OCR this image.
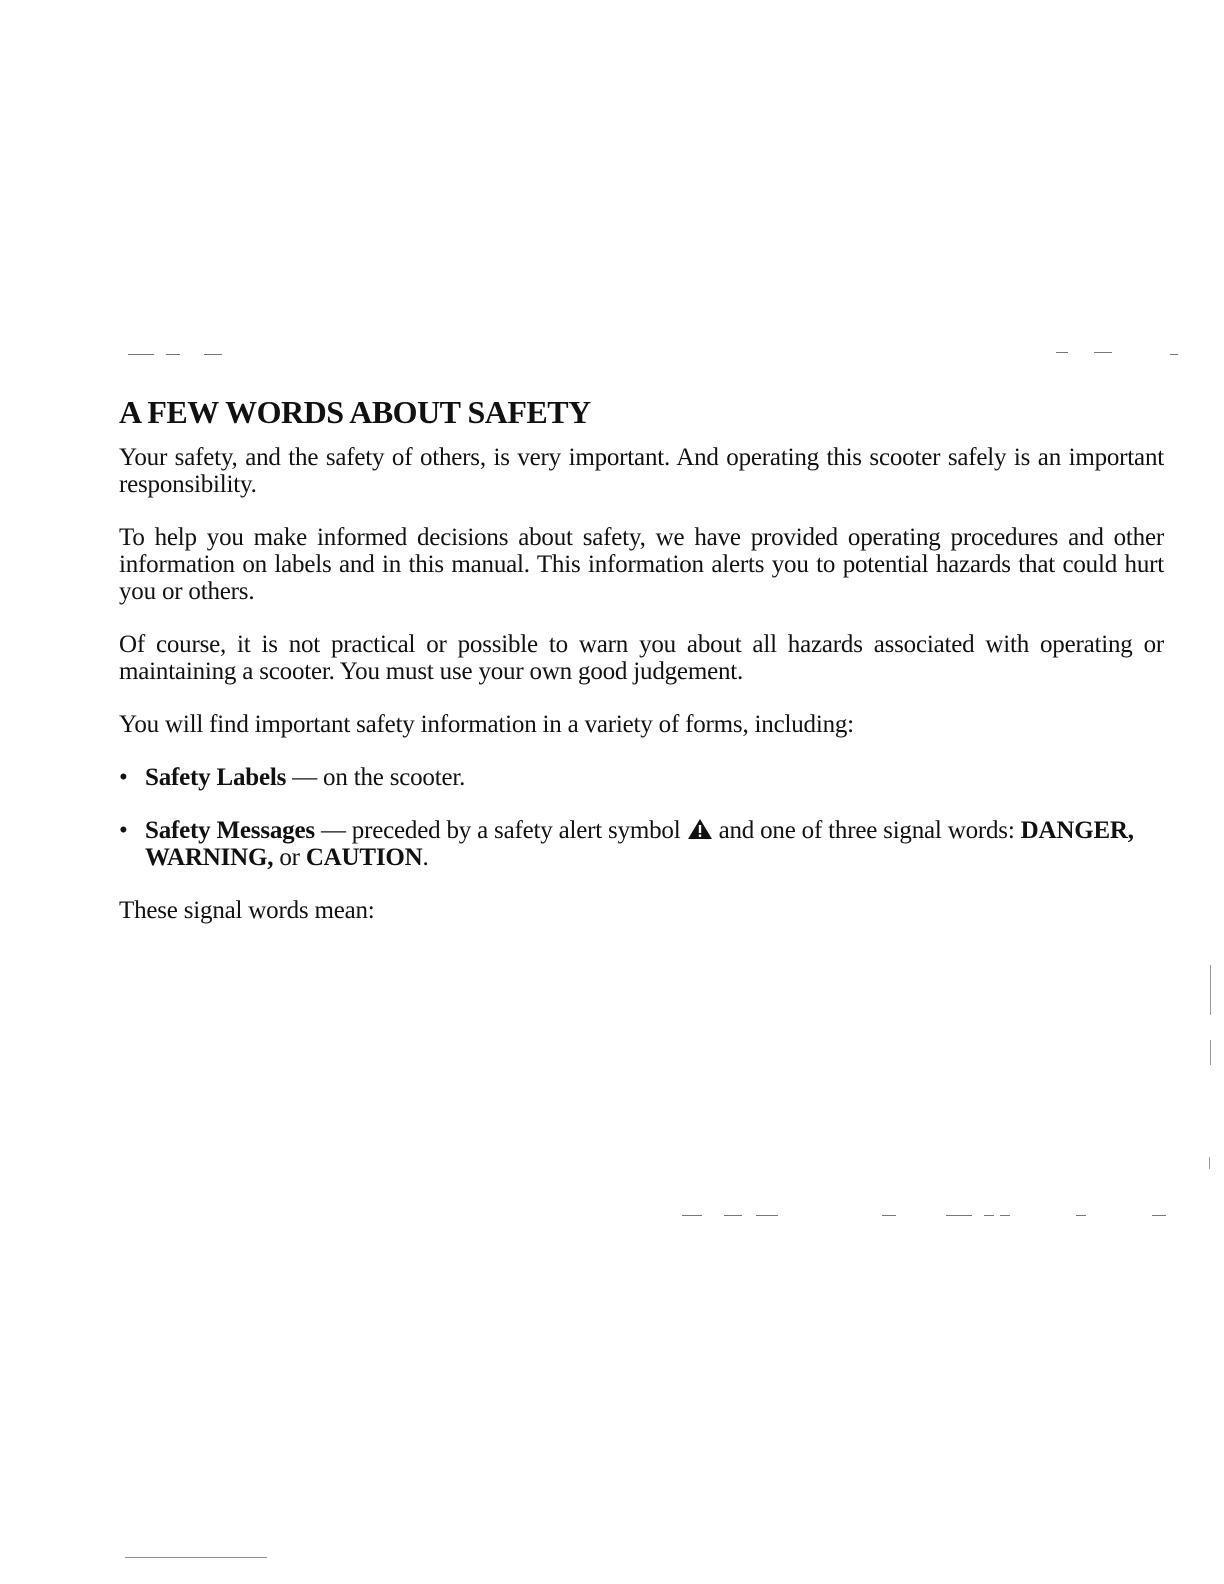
A FEW WORDS ABOUT SAFETY

Your safety, and the safety of others, is very important. And operating this scooter safely is an important responsibility.

To help you make informed decisions about safety, we have provided operating procedures and other information on labels and in this manual. This information alerts you to potential hazards that could hurt you or others.

Of course, it is not practical or possible to warn you about all hazards associated with operating or maintaining a scooter. You must use your own good judgement.

You will find important safety information in a variety of forms, including:

• Safety Labels — on the scooter.

• Safety Messages — preceded by a safety alert symbol  and one of three signal words: DANGER, WARNING, or CAUTION.

These signal words mean:
